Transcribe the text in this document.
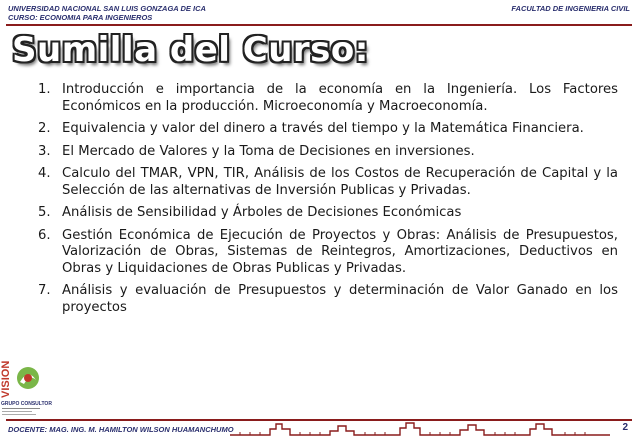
UNIVERSIDAD NACIONAL SAN LUIS GONZAGA DE ICA
CURSO: ECONOMIA PARA INGENIEROS
FACULTAD DE INGENIERIA CIVIL
Sumilla del Curso:
1. Introducción e importancia de la economía en la Ingeniería. Los Factores Económicos en la producción. Microeconomía y Macroeconomía.
2. Equivalencia y valor del dinero a través del tiempo y la Matemática Financiera.
3. El Mercado de Valores y la Toma de Decisiones en inversiones.
4. Calculo del TMAR, VPN, TIR, Análisis de los Costos de Recuperación de Capital y la Selección de las alternativas de Inversión Publicas y Privadas.
5. Análisis de Sensibilidad y Árboles de Decisiones Económicas
6. Gestión Económica de Ejecución de Proyectos y Obras: Análisis de Presupuestos, Valorización de Obras, Sistemas de Reintegros, Amortizaciones, Deductivos en Obras y Liquidaciones de Obras Publicas y Privadas.
7. Análisis y evaluación de Presupuestos y determinación de Valor Ganado en los proyectos
VISION
GRUPO CONSULTOR
DOCENTE: MAG. ING. M. HAMILTON WILSON HUAMANCHUMO	2
